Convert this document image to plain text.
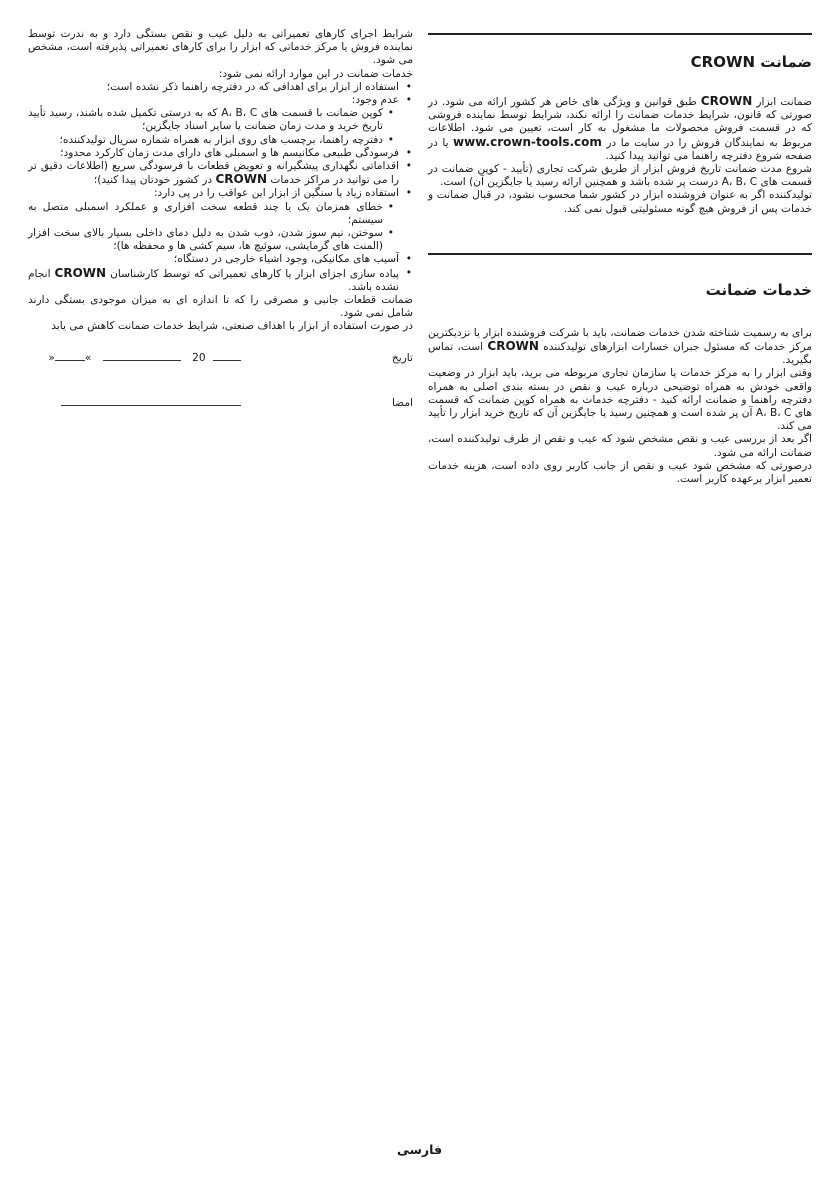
ضمانت CROWN

ضمانت ابزار CROWN طبق قوانین و ویژگی های خاص هر کشور ارائه می شود. در صورتی که قانون، شرایط خدمات ضمانت را ارائه نکند، شرایط توسط نماینده فروشی که در قسمت فروش محصولات ما مشغول به کار است، تعیین می شود. اطلاعات مربوط به نمایندگان فروش را در سایت ما در www.crown-tools.com یا در صفحه شروع دفترچه راهنما می توانید پیدا کنید.

شروع مدت ضمانت تاریخ فروش ابزار از طریق شرکت تجاری (تأیید - کوپن ضمانت در قسمت های A، B، C درست پر شده باشد و همچنین ارائه رسید یا جایگزین آن) است.

تولیدکننده اگر به عنوان فروشنده ابزار در کشور شما محسوب نشود، در قبال ضمانت و خدمات پس از فروش هیچ گونه مسئولیتی قبول نمی کند.

خدمات ضمانت

برای به رسمیت شناخته شدن خدمات ضمانت، باید با شرکت فروشنده ابزار یا نزدیکترین مرکز خدمات که مسئول جبران خسارات ابزارهای تولیدکننده CROWN است، تماس بگیرید.

وقتی ابزار را به مرکز خدمات یا سازمان تجاری مربوطه می برید، باید ابزار در وضعیت واقعی خودش به همراه توضیحی درباره عیب و نقص در بسته بندی اصلی به همراه دفترچه راهنما و ضمانت ارائه کنید - دفترچه خدمات به همراه کوپن ضمانت که قسمت های A، B، C آن پر شده است و همچنین رسید یا جایگزین آن که تاریخ خرید ابزار را تأیید می کند.

اگر بعد از بررسی عیب و نقص مشخص شود که عیب و نقص از طرف تولیدکننده است، ضمانت ارائه می شود.

درصورتی که مشخص شود عیب و نقص از جانب کاربر روی داده است، هزینه خدمات تعمیر ابزار برعهده کاربر است.

شرایط اجرای کارهای تعمیراتی به دلیل عیب و نقص بستگی دارد و به ندرت توسط نماینده فروش یا مرکز خدماتی که ابزار را برای کارهای تعمیراتی پذیرفته است، مشخص می شود.

خدمات ضمانت در این موارد ارائه نمی شود:

• استفاده از ابزار برای اهدافی که در دفترچه راهنما ذکر نشده است؛
• عدم وجود:
• کوپن ضمانت با قسمت های A، B، C که به درستی تکمیل شده باشند، رسید تأیید تاریخ خرید و مدت زمان ضمانت یا سایر اسناد جایگزین؛
• دفترچه راهنما، برچسب های روی ابزار به همراه شماره سریال تولیدکننده؛
• فرسودگی طبیعی مکانیسم ها و اسمبلی های دارای مدت زمان کارکرد محدود؛
• اقداماتی نگهداری پیشگیرانه و تعویض قطعات با فرسودگی سریع (اطلاعات دقیق تر را می توانید در مراکز خدمات CROWN در کشور خودتان پیدا کنید)؛
• استفاده زیاد یا سنگین از ابزار این عواقب را در پی دارد:
• خطای همزمان یک یا چند قطعه سخت افزاری و عملکرد اسمبلی متصل به سیستم؛
• سوختن، نیم سوز شدن، ذوب شدن به دلیل دمای داخلی بسیار بالای سخت افزار (المنت های گرمایشی، سوئیچ ها، سیم کشی ها و محفظه ها)؛
• آسیب های مکانیکی، وجود اشیاء خارجی در دستگاه؛
• پیاده سازی اجزای ابزار یا کارهای تعمیراتی که توسط کارشناسان CROWN انجام نشده باشد.

ضمانت قطعات جانبی و مصرفی را که تا اندازه ای به میزان موجودی بستگی دارند شامل نمی شود.

در صورت استفاده از ابزار با اهداف صنعتی، شرایط خدمات ضمانت کاهش می یابد

تاریخ
»	«	20
امضا
فارسی
